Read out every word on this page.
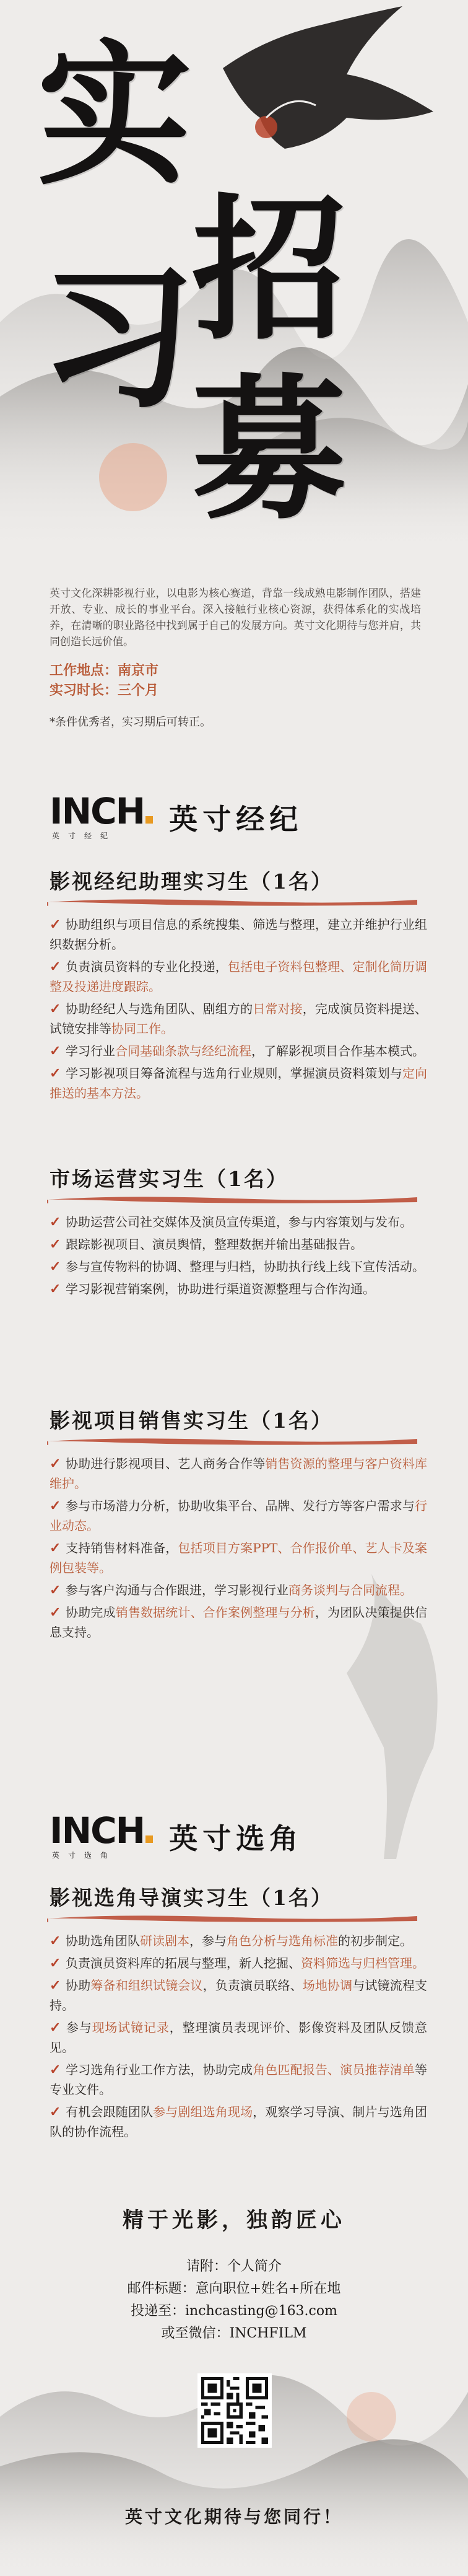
实
招
习
募

英寸文化深耕影视行业，以电影为核心赛道，背靠一线成熟电影制作团队，搭建开放、专业、成长的事业平台。深入接触行业核心资源，获得体系化的实战培养，在清晰的职业路径中找到属于自己的发展方向。英寸文化期待与您并肩，共同创造长远价值。

工作地点：南京市

实习时长：三个月

*条件优秀者，实习期后可转正。

INCH
英寸经纪
英寸经纪
影视经纪助理实习生（1名）

✓ 协助组织与项目信息的系统搜集、筛选与整理，建立并维护行业组织数据分析。

✓ 负责演员资料的专业化投递，包括电子资料包整理、定制化简历调整及投递进度跟踪。

✓ 协助经纪人与选角团队、剧组方的日常对接，完成演员资料提送、试镜安排等协同工作。

✓ 学习行业合同基础条款与经纪流程，了解影视项目合作基本模式。

✓ 学习影视项目筹备流程与选角行业规则，掌握演员资料策划与定向推送的基本方法。

市场运营实习生（1名）

✓ 协助运营公司社交媒体及演员宣传渠道，参与内容策划与发布。

✓ 跟踪影视项目、演员舆情，整理数据并输出基础报告。

✓ 参与宣传物料的协调、整理与归档，协助执行线上线下宣传活动。

✓ 学习影视营销案例，协助进行渠道资源整理与合作沟通。

影视项目销售实习生（1名）

✓ 协助进行影视项目、艺人商务合作等销售资源的整理与客户资料库维护。

✓ 参与市场潜力分析，协助收集平台、品牌、发行方等客户需求与行业动态。

✓ 支持销售材料准备，包括项目方案PPT、合作报价单、艺人卡及案例包装等。

✓ 参与客户沟通与合作跟进，学习影视行业商务谈判与合同流程。

✓ 协助完成销售数据统计、合作案例整理与分析，为团队决策提供信息支持。

INCH
英寸选角
英寸选角
影视选角导演实习生（1名）

✓ 协助选角团队研读剧本，参与角色分析与选角标准的初步制定。

✓ 负责演员资料库的拓展与整理，新人挖掘、资料筛选与归档管理。

✓ 协助筹备和组织试镜会议，负责演员联络、场地协调与试镜流程支持。

✓ 参与现场试镜记录，整理演员表现评价、影像资料及团队反馈意见。

✓ 学习选角行业工作方法，协助完成角色匹配报告、演员推荐清单等专业文件。

✓ 有机会跟随团队参与剧组选角现场，观察学习导演、制片与选角团队的协作流程。

精于光影，独韵匠心
请附：个人简介
邮件标题：意向职位+姓名+所在地
投递至：inchcasting@163.com
或至微信：INCHFILM
英寸文化期待与您同行！
